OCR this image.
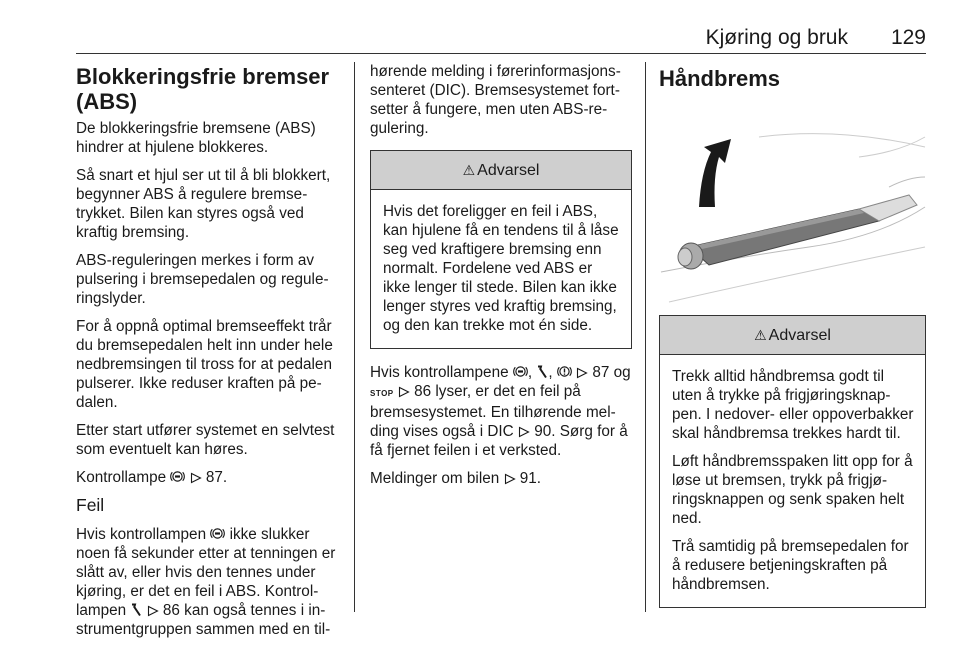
Kjøring og bruk 129
Blokkeringsfrie bremser (ABS)

De blokkeringsfrie bremsene (ABS) hindrer at hjulene blokkeres.

Så snart et hjul ser ut til å bli blokkert, begynner ABS å regulere bremsetrykket. Bilen kan styres også ved kraftig bremsing.

ABS-reguleringen merkes i form av pulsering i bremsepedalen og reguleringslyder.

For å oppnå optimal bremseeffekt trår du bremsepedalen helt inn under hele nedbremsingen til tross for at pedalen pulserer. Ikke reduser kraften på pedalen.

Etter start utfører systemet en selvtest som eventuelt kan høres.

Kontrollampe	87.

Feil

Hvis kontrollampen ikke slukker noen få sekunder etter at tenningen er slått av, eller hvis den tennes under kjøring, er det en feil i ABS. Kontrollampen 86 kan også tennes i instrumentgruppen sammen med en til-

hørende melding i førerinformasjonssenteret (DIC). Bremsesystemet fortsetter å fungere, men uten ABS-regulering.

⚠ Advarsel

Hvis det foreligger en feil i ABS, kan hjulene få en tendens til å låse seg ved kraftigere bremsing enn normalt. Fordelene ved ABS er ikke lenger til stede. Bilen kan ikke lenger styres ved kraftig bremsing, og den kan trekke mot én side.

Hvis kontrollampene , ,   87 og STOP 86 lyser, er det en feil på bremsesystemet. En tilhørende melding vises også i DIC 90. Sørg for å få fjernet feilen i et verksted.

Meldinger om bilen 91.

Håndbrems
⚠ Advarsel

Trekk alltid håndbremsa godt til uten å trykke på frigjøringsknappen. I nedover- eller oppoverbakker skal håndbremsa trekkes hardt til.

Løft håndbremsspaken litt opp for å løse ut bremsen, trykk på frigjøringsknappen og senk spaken helt ned.

Trå samtidig på bremsepedalen for å redusere betjeningskraften på håndbremsen.
